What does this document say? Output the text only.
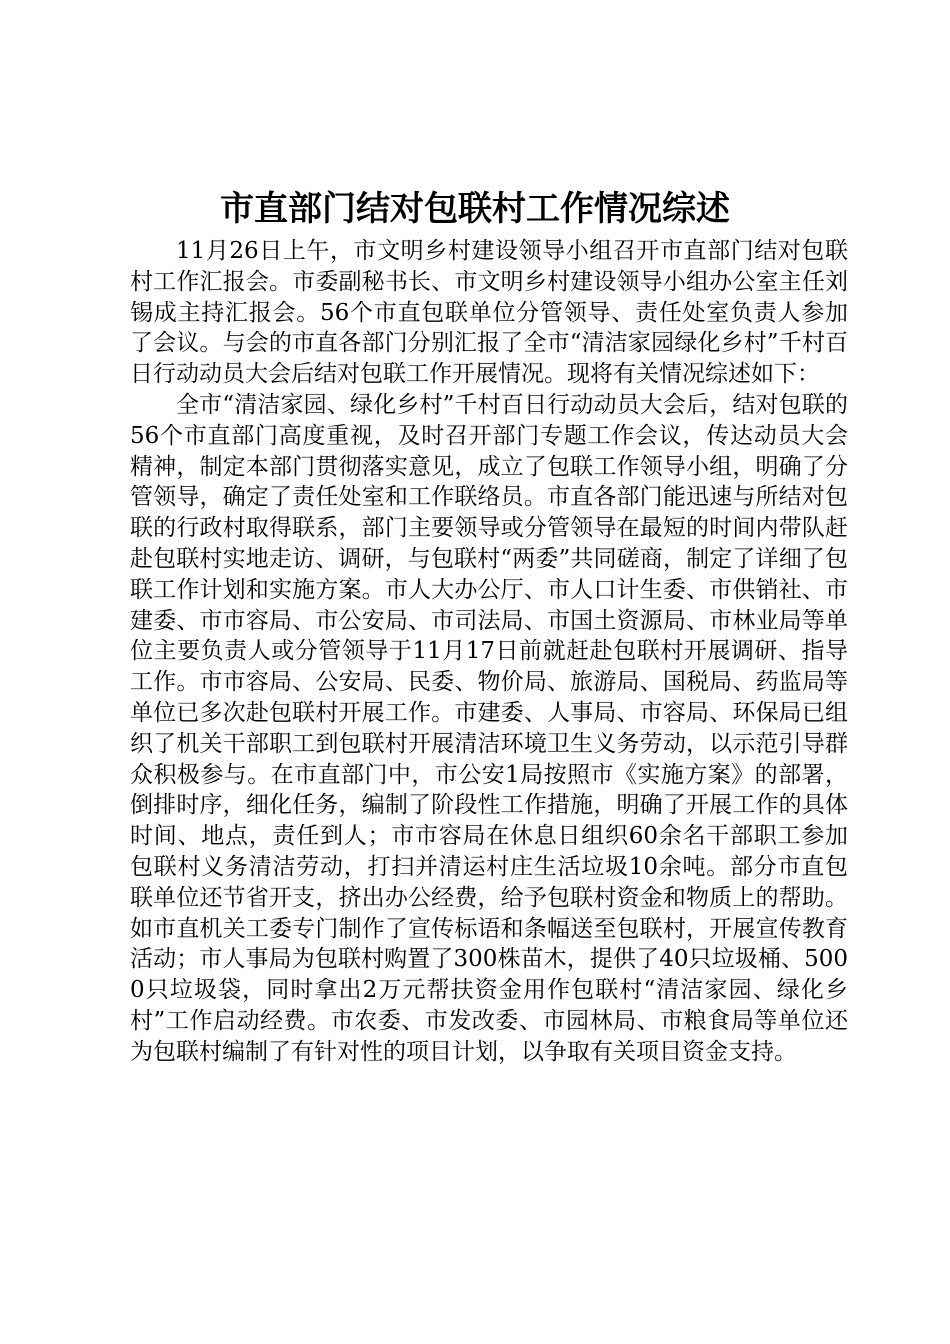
市直部门结对包联村工作情况综述

11月26日上午，市文明乡村建设领导小组召开市直部门结对包联村工作汇报会。市委副秘书长、市文明乡村建设领导小组办公室主任刘锡成主持汇报会。56个市直包联单位分管领导、责任处室负责人参加了会议。与会的市直各部门分别汇报了全市“清洁家园绿化乡村”千村百日行动动员大会后结对包联工作开展情况。现将有关情况综述如下：

全市“清洁家园、绿化乡村”千村百日行动动员大会后，结对包联的56个市直部门高度重视，及时召开部门专题工作会议，传达动员大会精神，制定本部门贯彻落实意见，成立了包联工作领导小组，明确了分管领导，确定了责任处室和工作联络员。市直各部门能迅速与所结对包联的行政村取得联系，部门主要领导或分管领导在最短的时间内带队赶赴包联村实地走访、调研，与包联村“两委”共同磋商，制定了详细了包联工作计划和实施方案。市人大办公厅、市人口计生委、市供销社、市建委、市市容局、市公安局、市司法局、市国土资源局、市林业局等单位主要负责人或分管领导于11月17日前就赶赴包联村开展调研、指导工作。市市容局、公安局、民委、物价局、旅游局、国税局、药监局等单位已多次赴包联村开展工作。市建委、人事局、市容局、环保局已组织了机关干部职工到包联村开展清洁环境卫生义务劳动，以示范引导群众积极参与。在市直部门中，市公安1局按照市《实施方案》的部署，倒排时序，细化任务，编制了阶段性工作措施，明确了开展工作的具体时间、地点，责任到人；市市容局在休息日组织60余名干部职工参加包联村义务清洁劳动，打扫并清运村庄生活垃圾10余吨。部分市直包联单位还节省开支，挤出办公经费，给予包联村资金和物质上的帮助。如市直机关工委专门制作了宣传标语和条幅送至包联村，开展宣传教育活动；市人事局为包联村购置了300株苗木，提供了40只垃圾桶、5000只垃圾袋，同时拿出2万元帮扶资金用作包联村“清洁家园、绿化乡村”工作启动经费。市农委、市发改委、市园林局、市粮食局等单位还为包联村编制了有针对性的项目计划，以争取有关项目资金支持。
